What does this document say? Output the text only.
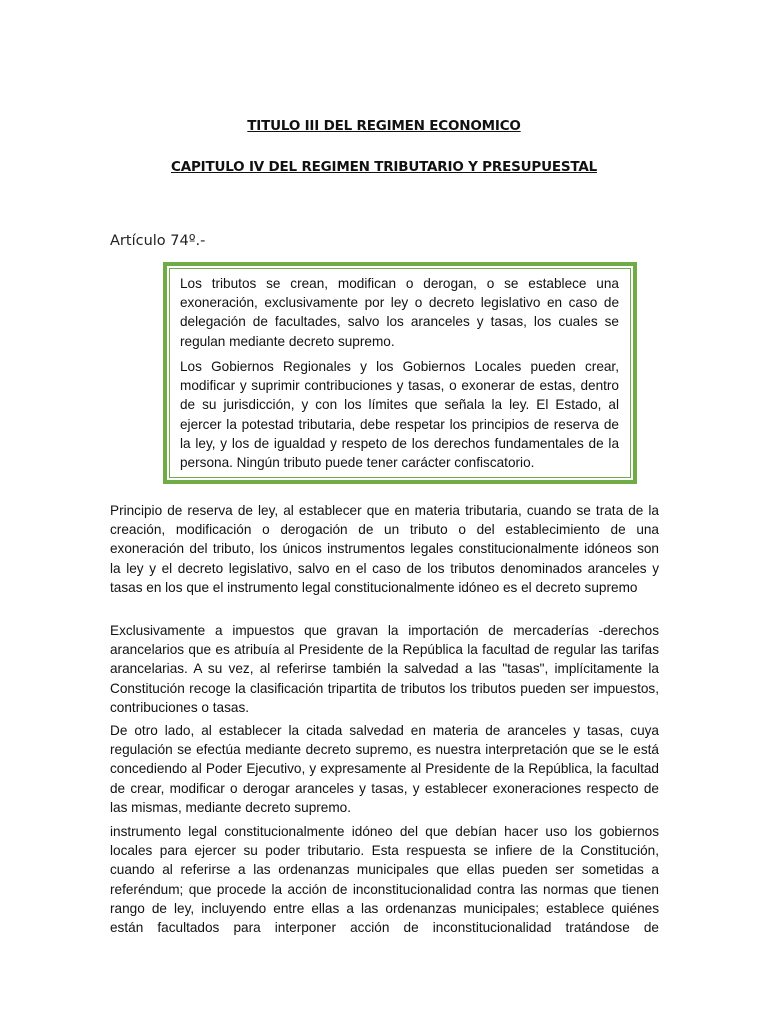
TITULO III DEL REGIMEN ECONOMICO
CAPITULO IV DEL REGIMEN TRIBUTARIO Y PRESUPUESTAL
Artículo 74º.-

Los tributos se crean, modifican o derogan, o se establece una exoneración, exclusivamente por ley o decreto legislativo en caso de delegación de facultades, salvo los aranceles y tasas, los cuales se regulan mediante decreto supremo.

Los Gobiernos Regionales y los Gobiernos Locales pueden crear, modificar y suprimir contribuciones y tasas, o exonerar de estas, dentro de su jurisdicción, y con los límites que señala la ley. El Estado, al ejercer la potestad tributaria, debe respetar los principios de reserva de la ley, y los de igualdad y respeto de los derechos fundamentales de la persona. Ningún tributo puede tener carácter confiscatorio.

Principio de reserva de ley, al establecer que en materia tributaria, cuando se trata de la creación, modificación o derogación de un tributo o del establecimiento de una exoneración del tributo, los únicos instrumentos legales constitucionalmente idóneos son la ley y el decreto legislativo, salvo en el caso de los tributos denominados aranceles y tasas en los que el instrumento legal constitucionalmente idóneo es el decreto supremo

Exclusivamente a impuestos que gravan la importación de mercaderías -derechos arancelarios que es atribuía al Presidente de la República la facultad de regular las tarifas arancelarias. A su vez, al referirse también la salvedad a las "tasas", implícitamente la Constitución recoge la clasificación tripartita de tributos los tributos pueden ser impuestos, contribuciones o tasas.

De otro lado, al establecer la citada salvedad en materia de aranceles y tasas, cuya regulación se efectúa mediante decreto supremo, es nuestra interpretación que se le está concediendo al Poder Ejecutivo, y expresamente al Presidente de la República, la facultad de crear, modificar o derogar aranceles y tasas, y establecer exoneraciones respecto de las mismas, mediante decreto supremo.

instrumento legal constitucionalmente idóneo del que debían hacer uso los gobiernos locales para ejercer su poder tributario. Esta respuesta se infiere de la Constitución, cuando al referirse a las ordenanzas municipales que ellas pueden ser sometidas a referéndum; que procede la acción de inconstitucionalidad contra las normas que tienen rango de ley, incluyendo entre ellas a las ordenanzas municipales; establece quiénes están facultados para interponer acción de inconstitucionalidad tratándose de
